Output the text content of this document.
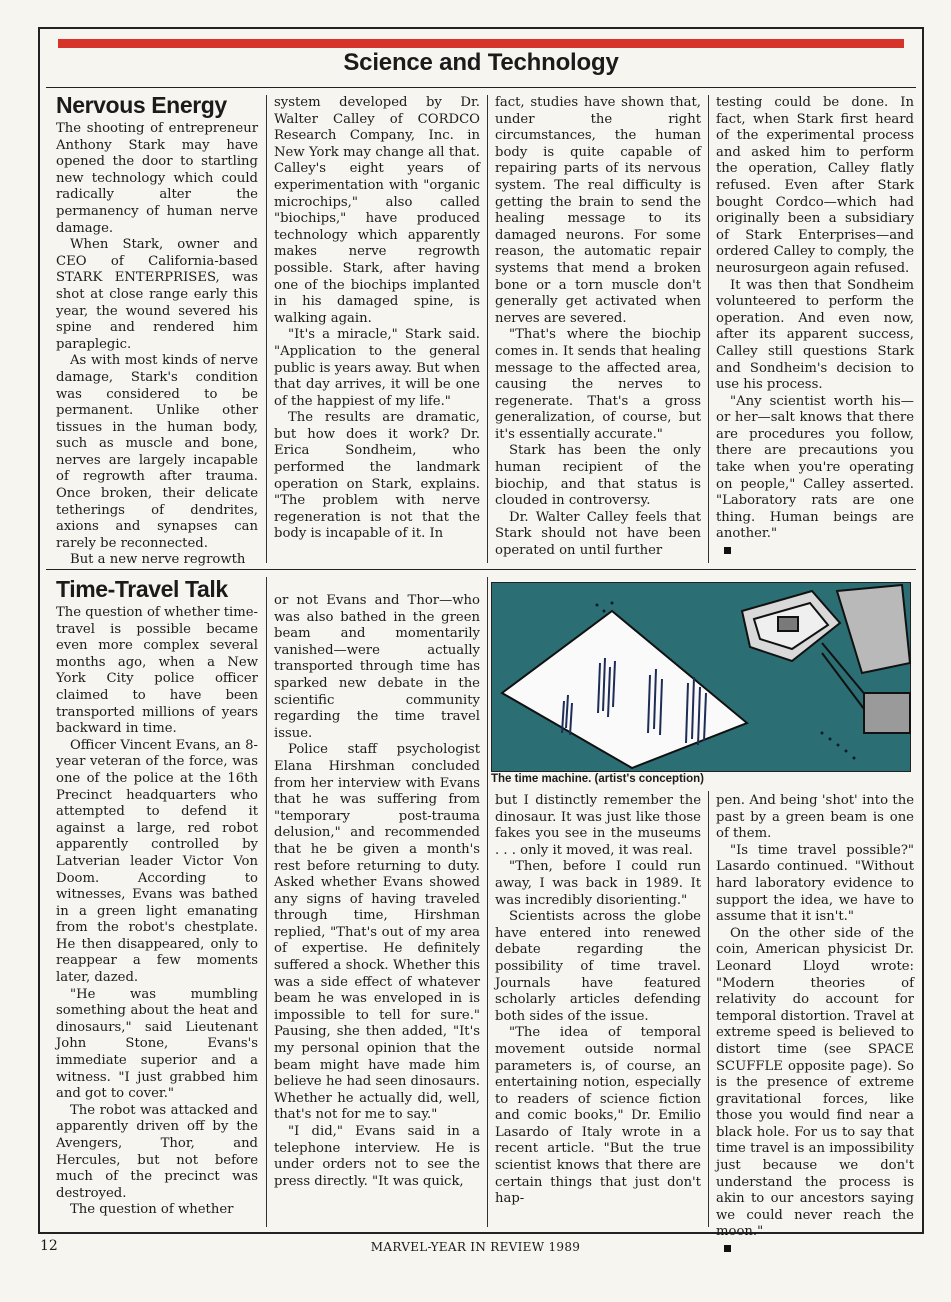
Science and Technology
Nervous Energy

The shooting of entrepreneur Anthony Stark may have opened the door to startling new technology which could radically alter the permanency of human nerve damage.

When Stark, owner and CEO of California-based STARK ENTERPRISES, was shot at close range early this year, the wound severed his spine and rendered him paraplegic.

As with most kinds of nerve damage, Stark's condition was considered to be permanent. Unlike other tissues in the human body, such as muscle and bone, nerves are largely incapable of regrowth after trauma. Once broken, their delicate tetherings of dendrites, axions and synapses can rarely be reconnected.

But a new nerve regrowth

system developed by Dr. Walter Calley of CORDCO Research Company, Inc. in New York may change all that. Calley's eight years of experimentation with "organic microchips," also called "biochips," have produced technology which apparently makes nerve regrowth possible. Stark, after having one of the biochips implanted in his damaged spine, is walking again.

"It's a miracle," Stark said. "Application to the general public is years away. But when that day arrives, it will be one of the happiest of my life."

The results are dramatic, but how does it work? Dr. Erica Sondheim, who performed the landmark operation on Stark, explains. "The problem with nerve regeneration is not that the body is incapable of it. In

fact, studies have shown that, under the right circumstances, the human body is quite capable of repairing parts of its nervous system. The real difficulty is getting the brain to send the healing message to its damaged neurons. For some reason, the automatic repair systems that mend a broken bone or a torn muscle don't generally get activated when nerves are severed.

"That's where the biochip comes in. It sends that healing message to the affected area, causing the nerves to regenerate. That's a gross generalization, of course, but it's essentially accurate."

Stark has been the only human recipient of the biochip, and that status is clouded in controversy.

Dr. Walter Calley feels that Stark should not have been operated on until further

testing could be done. In fact, when Stark first heard of the experimental process and asked him to perform the operation, Calley flatly refused. Even after Stark bought Cordco—which had originally been a subsidiary of Stark Enterprises—and ordered Calley to comply, the neurosurgeon again refused.

It was then that Sondheim volunteered to perform the operation. And even now, after its apparent success, Calley still questions Stark and Sondheim's decision to use his process.

"Any scientist worth his—or her—salt knows that there are procedures you follow, there are precautions you take when you're operating on people," Calley asserted. "Laboratory rats are one thing. Human beings are another."

Time-Travel Talk

The question of whether time-travel is possible became even more complex several months ago, when a New York City police officer claimed to have been transported millions of years backward in time.

Officer Vincent Evans, an 8-year veteran of the force, was one of the police at the 16th Precinct headquarters who attempted to defend it against a large, red robot apparently controlled by Latverian leader Victor Von Doom. According to witnesses, Evans was bathed in a green light emanating from the robot's chestplate. He then disappeared, only to reappear a few moments later, dazed.

"He was mumbling something about the heat and dinosaurs," said Lieutenant John Stone, Evans's immediate superior and a witness. "I just grabbed him and got to cover."

The robot was attacked and apparently driven off by the Avengers, Thor, and Hercules, but not before much of the precinct was destroyed.

The question of whether

or not Evans and Thor—who was also bathed in the green beam and momentarily vanished—were actually transported through time has sparked new debate in the scientific community regarding the time travel issue.

Police staff psychologist Elana Hirshman concluded from her interview with Evans that he was suffering from "temporary post-trauma delusion," and recommended that he be given a month's rest before returning to duty. Asked whether Evans showed any signs of having traveled through time, Hirshman replied, "That's out of my area of expertise. He definitely suffered a shock. Whether this was a side effect of whatever beam he was enveloped in is impossible to tell for sure." Pausing, she then added, "It's my personal opinion that the beam might have made him believe he had seen dinosaurs. Whether he actually did, well, that's not for me to say."

"I did," Evans said in a telephone interview. He is under orders not to see the press directly. "It was quick,

The time machine. (artist's conception)

but I distinctly remember the dinosaur. It was just like those fakes you see in the museums . . . only it moved, it was real.

"Then, before I could run away, I was back in 1989. It was incredibly disorienting."

Scientists across the globe have entered into renewed debate regarding the possibility of time travel. Journals have featured scholarly articles defending both sides of the issue.

"The idea of temporal movement outside normal parameters is, of course, an entertaining notion, especially to readers of science fiction and comic books," Dr. Emilio Lasardo of Italy wrote in a recent article. "But the true scientist knows that there are certain things that just don't hap-

pen. And being 'shot' into the past by a green beam is one of them.

"Is time travel possible?" Lasardo continued. "Without hard laboratory evidence to support the idea, we have to assume that it isn't."

On the other side of the coin, American physicist Dr. Leonard Lloyd wrote: "Modern theories of relativity do account for temporal distortion. Travel at extreme speed is believed to distort time (see SPACE SCUFFLE opposite page). So is the presence of extreme gravitational forces, like those you would find near a black hole. For us to say that time travel is an impossibility just because we don't understand the process is akin to our ancestors saying we could never reach the moon."

12	MARVEL-YEAR IN REVIEW 1989
